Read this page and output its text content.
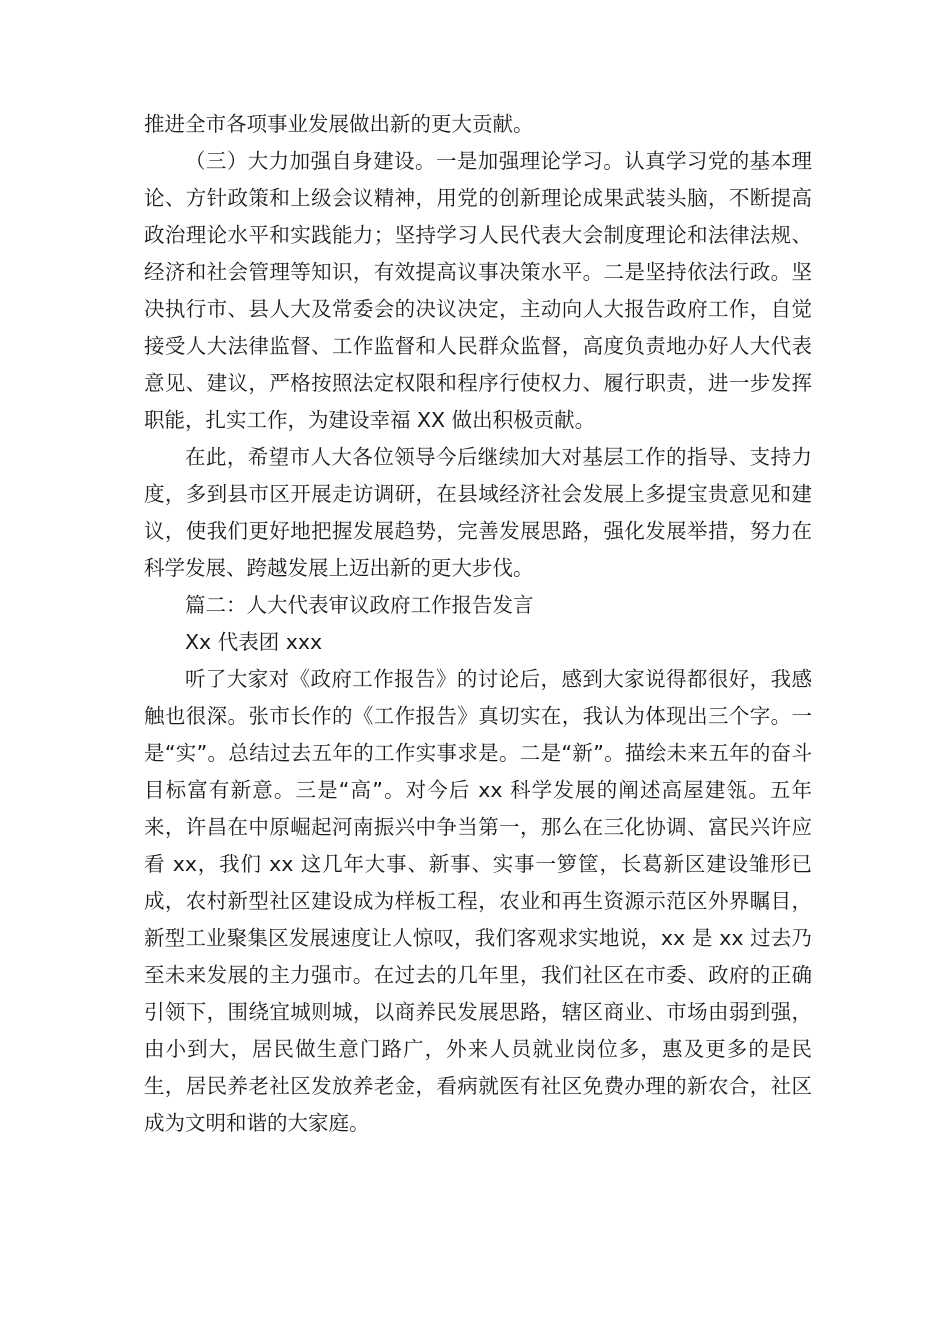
推进全市各项事业发展做出新的更大贡献。

（三）大力加强自身建设。一是加强理论学习。认真学习党的基本理论、方针政策和上级会议精神，用党的创新理论成果武装头脑，不断提高政治理论水平和实践能力；坚持学习人民代表大会制度理论和法律法规、经济和社会管理等知识，有效提高议事决策水平。二是坚持依法行政。坚决执行市、县人大及常委会的决议决定，主动向人大报告政府工作，自觉接受人大法律监督、工作监督和人民群众监督，高度负责地办好人大代表意见、建议，严格按照法定权限和程序行使权力、履行职责，进一步发挥职能，扎实工作，为建设幸福 XX 做出积极贡献。

在此，希望市人大各位领导今后继续加大对基层工作的指导、支持力度，多到县市区开展走访调研，在县域经济社会发展上多提宝贵意见和建议，使我们更好地把握发展趋势，完善发展思路，强化发展举措，努力在科学发展、跨越发展上迈出新的更大步伐。

篇二：人大代表审议政府工作报告发言

Xx 代表团 xxx

听了大家对《政府工作报告》的讨论后，感到大家说得都很好，我感触也很深。张市长作的《工作报告》真切实在，我认为体现出三个字。一是“实”。总结过去五年的工作实事求是。二是“新”。描绘未来五年的奋斗目标富有新意。三是“高”。对今后 xx 科学发展的阐述高屋建瓴。五年来，许昌在中原崛起河南振兴中争当第一，那么在三化协调、富民兴许应看 xx，我们 xx 这几年大事、新事、实事一箩筐，长葛新区建设雏形已成，农村新型社区建设成为样板工程，农业和再生资源示范区外界瞩目，新型工业聚集区发展速度让人惊叹，我们客观求实地说，xx 是 xx 过去乃至未来发展的主力强市。在过去的几年里，我们社区在市委、政府的正确引领下，围绕宜城则城，以商养民发展思路，辖区商业、市场由弱到强，由小到大，居民做生意门路广，外来人员就业岗位多，惠及更多的是民生，居民养老社区发放养老金，看病就医有社区免费办理的新农合，社区成为文明和谐的大家庭。
